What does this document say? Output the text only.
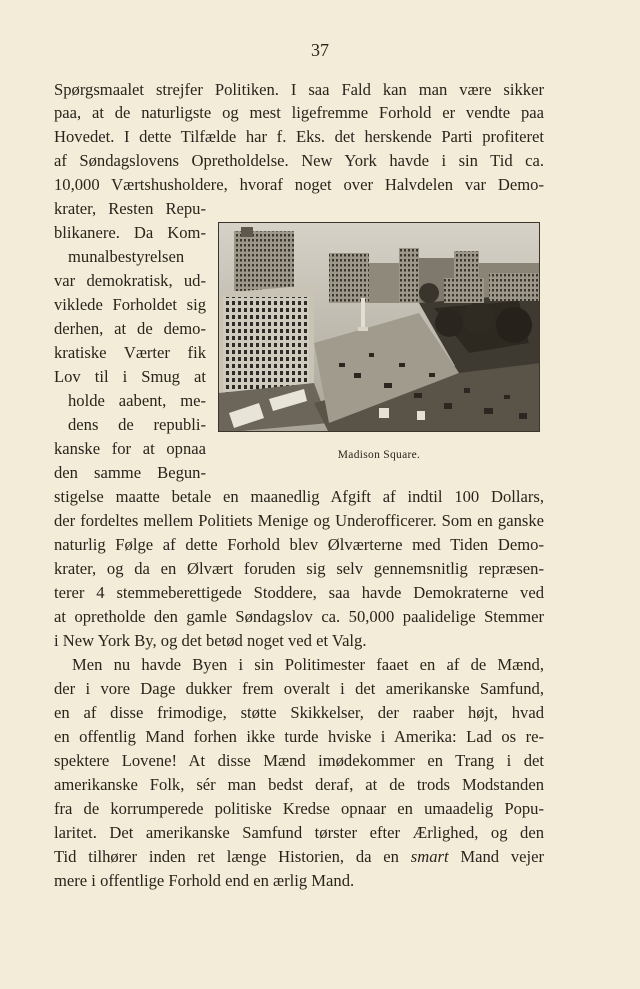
37
Spørgsmaalet strejfer Politiken. I saa Fald kan man være sikker
paa, at de naturligste og mest ligefremme Forhold er vendte paa
Hovedet. I dette Tilfælde har f. Eks. det herskende Parti profiteret
af Søndagslovens Opretholdelse. New York havde i sin Tid ca.
10,000 Værtshusholdere, hvoraf noget over Halvdelen var Demo-
krater, Resten Repu-
blikanere. Da Kom-
munalbestyrelsen
var demokratisk, ud-
viklede Forholdet sig
derhen, at de demo-
kratiske Værter fik
Lov til i Smug at
holde aabent, me-
dens de republi-
kanske for at opnaa
den samme Begun-
stigelse maatte betale en maanedlig Afgift af indtil 100 Dollars,
der fordeltes mellem Politiets Menige og Underofficerer. Som en ganske
naturlig Følge af dette Forhold blev Ølværterne med Tiden Demo-
krater, og da en Ølvært foruden sig selv gennemsnitlig repræsen-
terer 4 stemmeberettigede Stoddere, saa havde Demokraterne ved
at opretholde den gamle Søndagslov ca. 50,000 paalidelige Stemmer
i New York By, og det betød noget ved et Valg.
Men nu havde Byen i sin Politimester faaet en af de Mænd,
der i vore Dage dukker frem overalt i det amerikanske Samfund,
en af disse frimodige, støtte Skikkelser, der raaber højt, hvad
en offentlig Mand forhen ikke turde hviske i Amerika: Lad os re-
spektere Lovene! At disse Mænd imødekommer en Trang i det
amerikanske Folk, sér man bedst deraf, at de trods Modstanden
fra de korrumperede politiske Kredse opnaar en umaadelig Popu-
laritet. Det amerikanske Samfund tørster efter Ærlighed, og den
Tid tilhører inden ret længe Historien, da en smart Mand vejer
mere i offentlige Forhold end en ærlig Mand.
Madison Square.
